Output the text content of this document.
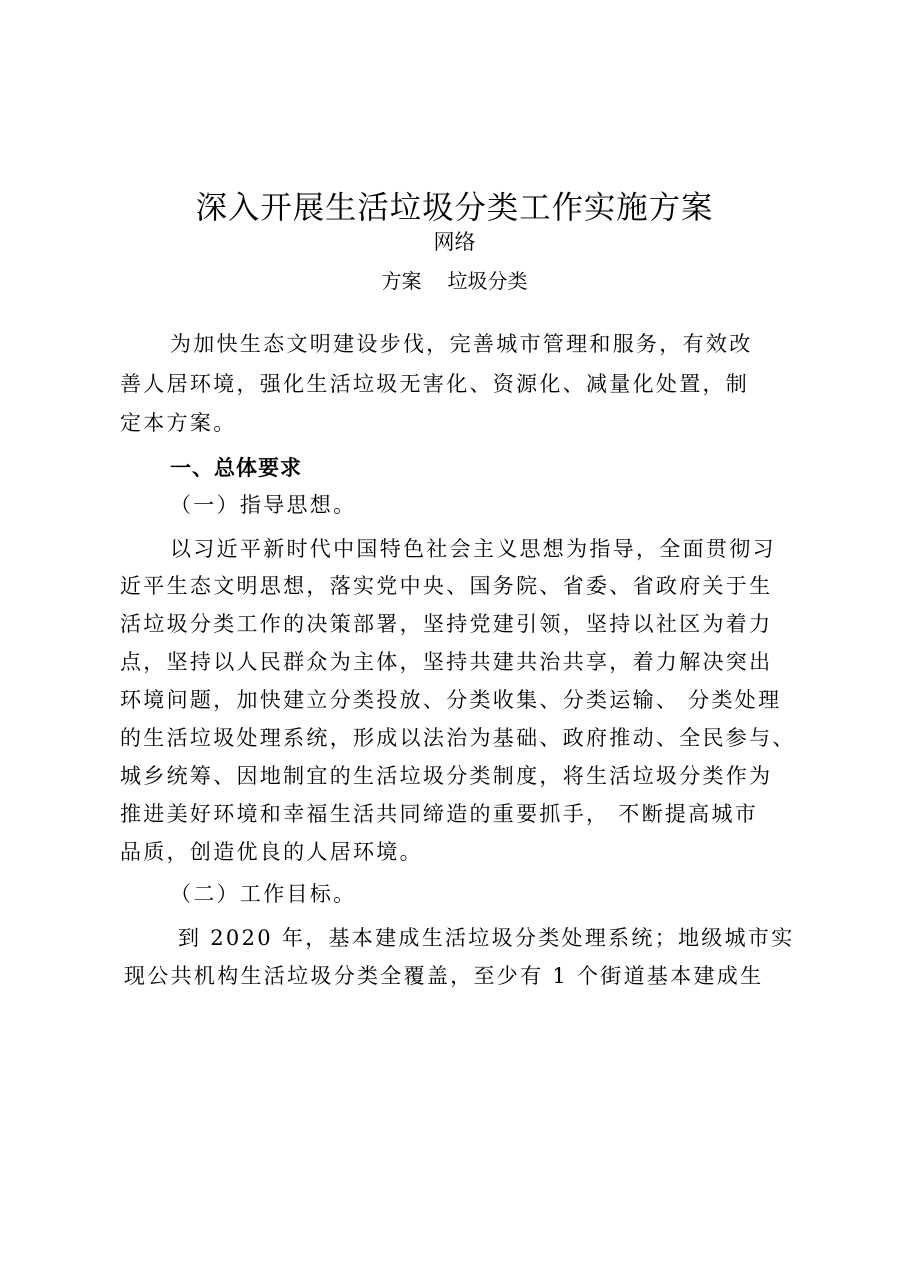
深入开展生活垃圾分类工作实施方案
网络
方案 垃圾分类
为加快生态文明建设步伐，完善城市管理和服务，有效改
善人居环境，强化生活垃圾无害化、资源化、减量化处置，制
定本方案。
一、总体要求
（一）指导思想。
以习近平新时代中国特色社会主义思想为指导，全面贯彻习
近平生态文明思想，落实党中央、国务院、省委、省政府关于生
活垃圾分类工作的决策部署，坚持党建引领，坚持以社区为着力
点，坚持以人民群众为主体，坚持共建共治共享，着力解决突出
环境问题，加快建立分类投放、分类收集、分类运输、 分类处理
的生活垃圾处理系统，形成以法治为基础、政府推动、全民参与、
城乡统筹、因地制宜的生活垃圾分类制度，将生活垃圾分类作为
推进美好环境和幸福生活共同缔造的重要抓手， 不断提高城市
品质，创造优良的人居环境。
（二）工作目标。
到 2020 年，基本建成生活垃圾分类处理系统；地级城市实
现公共机构生活垃圾分类全覆盖，至少有 1 个街道基本建成生
